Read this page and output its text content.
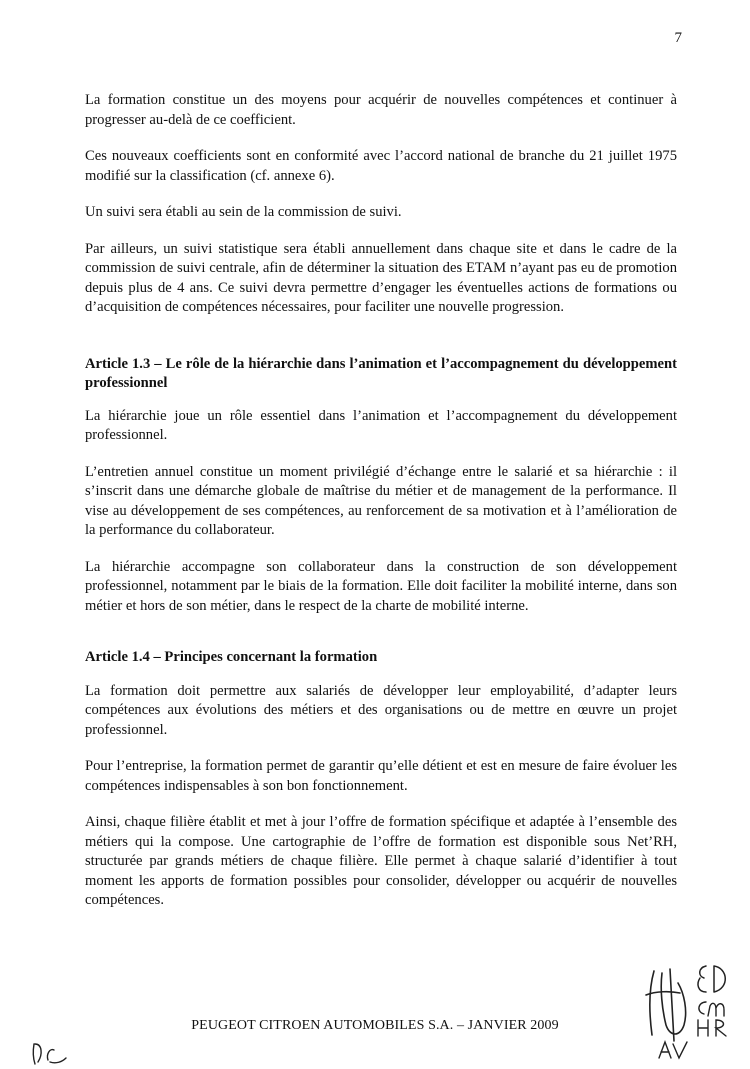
7

La formation constitue un des moyens pour acquérir de nouvelles compétences et continuer à progresser au-delà de ce coefficient.

Ces nouveaux coefficients sont en conformité avec l’accord national de branche du 21 juillet 1975 modifié sur la classification (cf. annexe 6).

Un suivi sera établi au sein de la commission de suivi.

Par ailleurs, un suivi statistique sera établi annuellement dans chaque site et dans le cadre de la commission de suivi centrale, afin de déterminer la situation des ETAM n’ayant pas eu de promotion depuis plus de 4 ans. Ce suivi devra permettre d’engager les éventuelles actions de formations ou d’acquisition de compétences nécessaires, pour faciliter une nouvelle progression.

Article 1.3 – Le rôle de la hiérarchie dans l’animation et l’accompagnement du développement professionnel

La hiérarchie joue un rôle essentiel dans l’animation et l’accompagnement du développement professionnel.

L’entretien annuel constitue un moment privilégié d’échange entre le salarié et sa hiérarchie : il s’inscrit dans une démarche globale de maîtrise du métier et de management de la performance. Il vise au développement de ses compétences, au renforcement de sa motivation et à l’amélioration de la performance du collaborateur.

La hiérarchie accompagne son collaborateur dans la construction de son développement professionnel, notamment par le biais de la formation. Elle doit faciliter la mobilité interne, dans son métier et hors de son métier, dans le respect de la charte de mobilité interne.

Article 1.4 – Principes concernant la formation

La formation doit permettre aux salariés de développer leur employabilité, d’adapter leurs compétences aux évolutions des métiers et des organisations ou de mettre en œuvre un projet professionnel.

Pour l’entreprise, la formation permet de garantir qu’elle détient et est en mesure de faire évoluer les compétences indispensables à son bon fonctionnement.

Ainsi, chaque filière établit et met à jour l’offre de formation spécifique et adaptée à l’ensemble des métiers qui la compose. Une cartographie de l’offre de formation est disponible sous Net’RH, structurée par grands métiers de chaque filière. Elle permet à chaque salarié d’identifier à tout moment les apports de formation possibles pour consolider, développer ou acquérir de nouvelles compétences.

PEUGEOT CITROEN AUTOMOBILES S.A. – JANVIER 2009
